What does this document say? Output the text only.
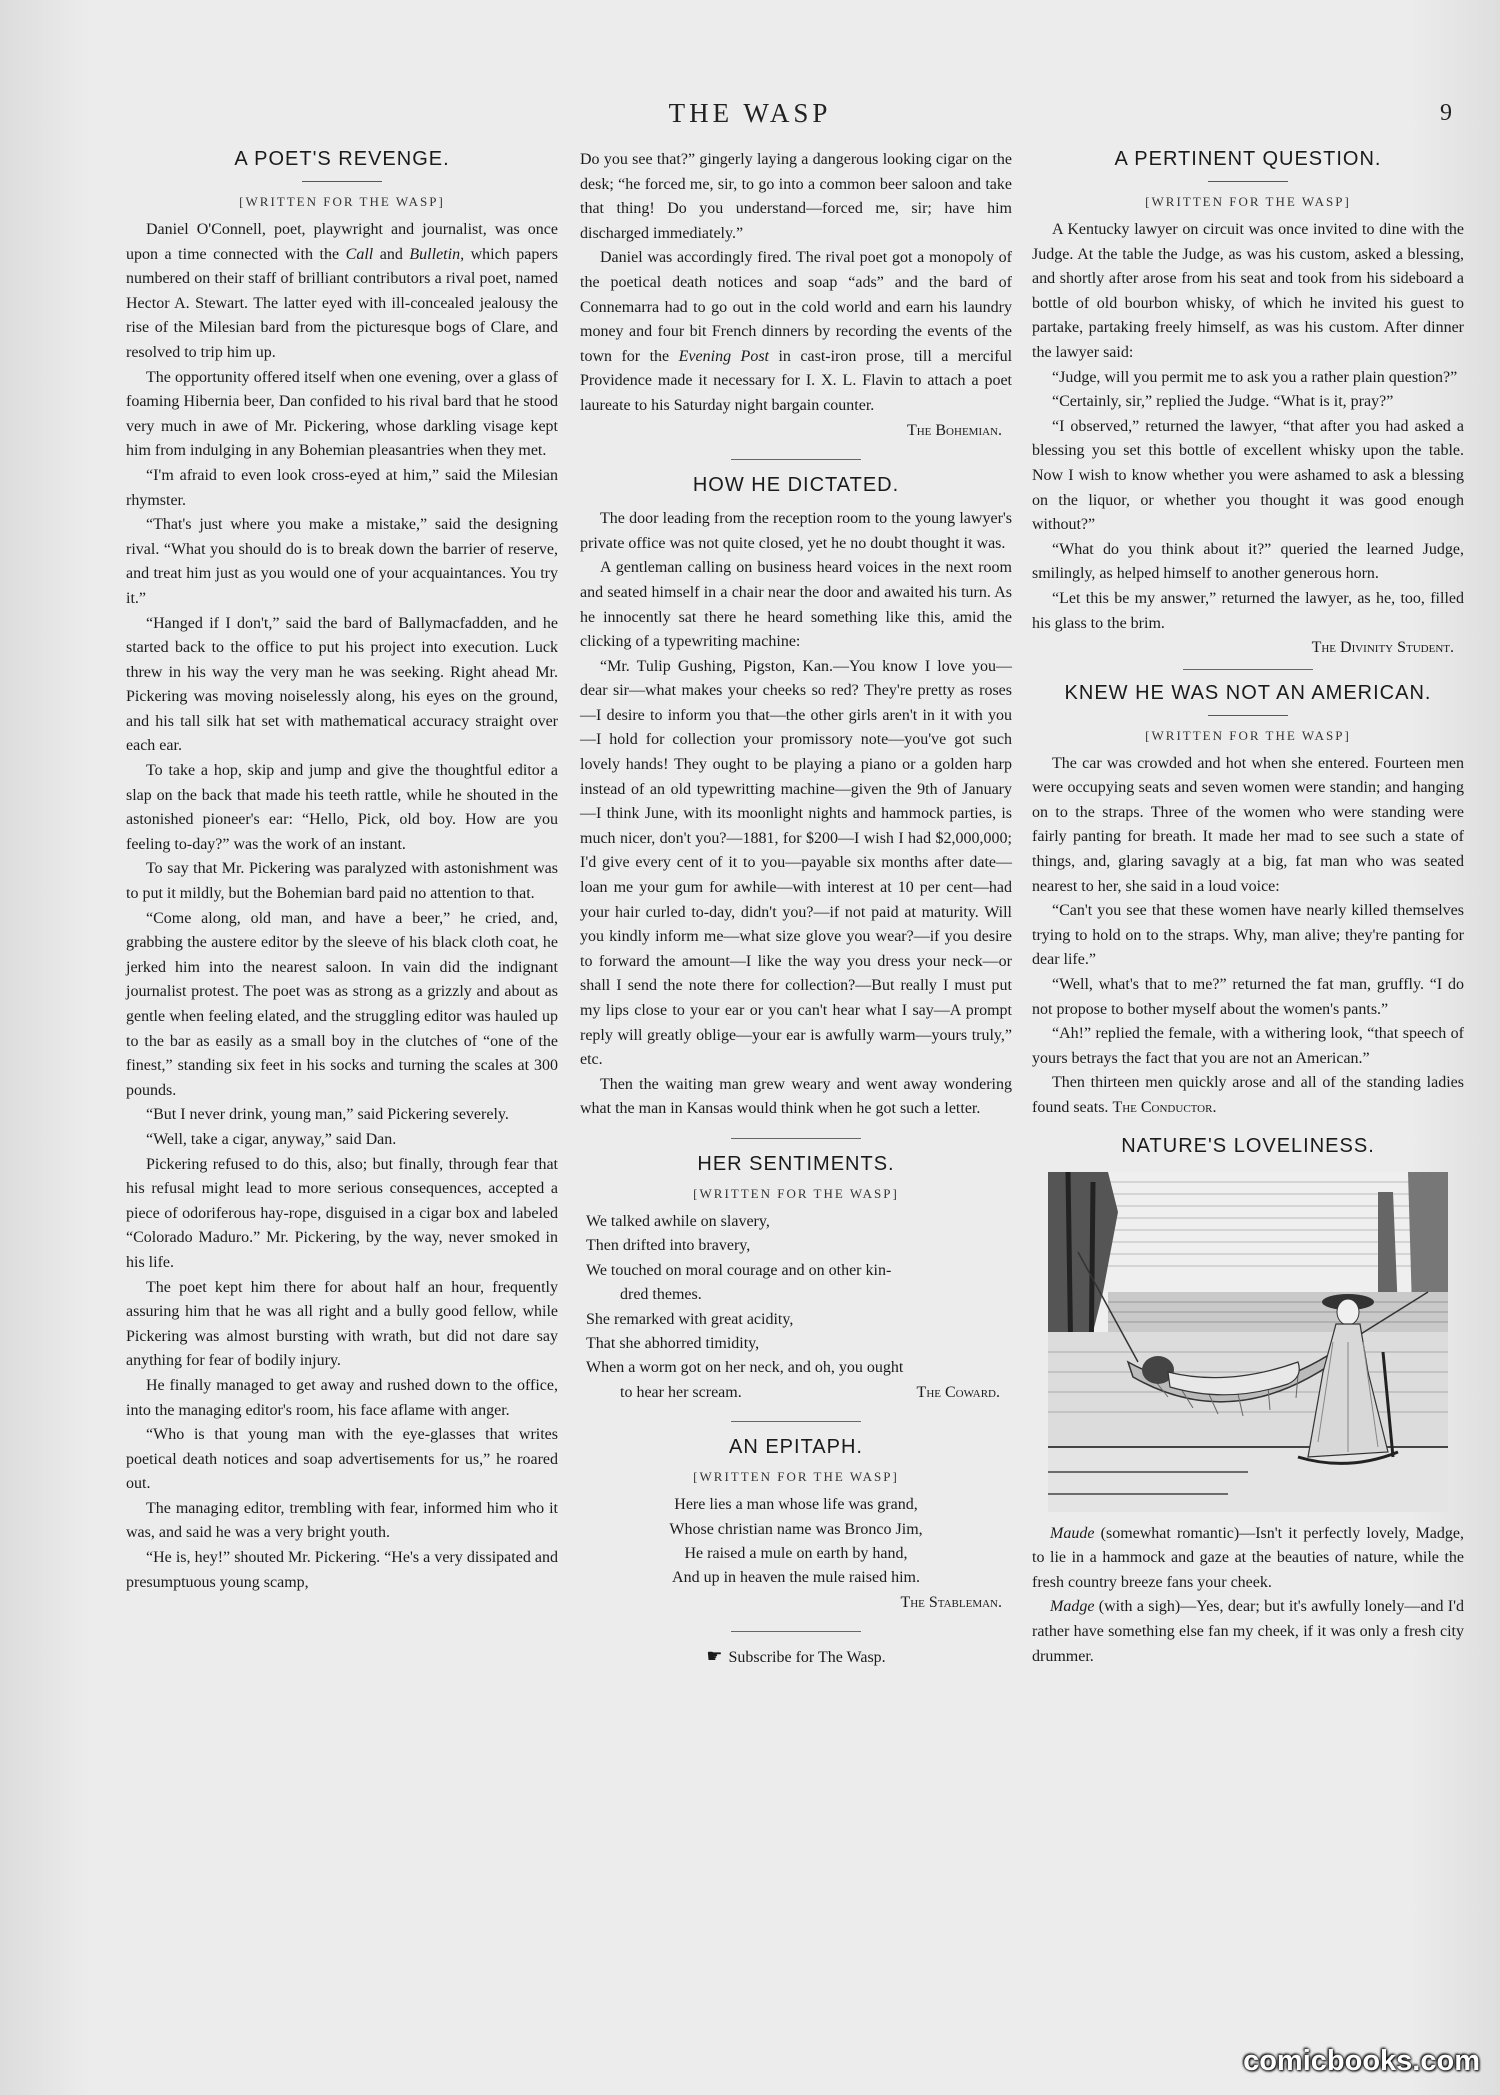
THE WASP	9
A POET'S REVENGE.
[WRITTEN FOR THE WASP]

Daniel O'Connell, poet, playwright and journalist, was once upon a time connected with the Call and Bulletin, which papers numbered on their staff of brilliant contributors a rival poet, named Hector A. Stewart. The latter eyed with ill-concealed jealousy the rise of the Milesian bard from the picturesque bogs of Clare, and resolved to trip him up.

The opportunity offered itself when one evening, over a glass of foaming Hibernia beer, Dan confided to his rival bard that he stood very much in awe of Mr. Pickering, whose darkling visage kept him from indulging in any Bohemian pleasantries when they met.

“I'm afraid to even look cross-eyed at him,” said the Milesian rhymster.

“That's just where you make a mistake,” said the designing rival. “What you should do is to break down the barrier of reserve, and treat him just as you would one of your acquaintances. You try it.”

“Hanged if I don't,” said the bard of Ballymacfadden, and he started back to the office to put his project into execution. Luck threw in his way the very man he was seeking. Right ahead Mr. Pickering was moving noiselessly along, his eyes on the ground, and his tall silk hat set with mathematical accuracy straight over each ear.

To take a hop, skip and jump and give the thoughtful editor a slap on the back that made his teeth rattle, while he shouted in the astonished pioneer's ear: “Hello, Pick, old boy. How are you feeling to-day?” was the work of an instant.

To say that Mr. Pickering was paralyzed with astonishment was to put it mildly, but the Bohemian bard paid no attention to that.

“Come along, old man, and have a beer,” he cried, and, grabbing the austere editor by the sleeve of his black cloth coat, he jerked him into the nearest saloon. In vain did the indignant journalist protest. The poet was as strong as a grizzly and about as gentle when feeling elated, and the struggling editor was hauled up to the bar as easily as a small boy in the clutches of “one of the finest,” standing six feet in his socks and turning the scales at 300 pounds.

“But I never drink, young man,” said Pickering severely.

“Well, take a cigar, anyway,” said Dan.

Pickering refused to do this, also; but finally, through fear that his refusal might lead to more serious consequences, accepted a piece of odoriferous hay-rope, disguised in a cigar box and labeled “Colorado Maduro.” Mr. Pickering, by the way, never smoked in his life.

The poet kept him there for about half an hour, frequently assuring him that he was all right and a bully good fellow, while Pickering was almost bursting with wrath, but did not dare say anything for fear of bodily injury.

He finally managed to get away and rushed down to the office, into the managing editor's room, his face aflame with anger.

“Who is that young man with the eye-glasses that writes poetical death notices and soap advertisements for us,” he roared out.

The managing editor, trembling with fear, informed him who it was, and said he was a very bright youth.

“He is, hey!” shouted Mr. Pickering. “He's a very dissipated and presumptuous young scamp,

Do you see that?” gingerly laying a dangerous looking cigar on the desk; “he forced me, sir, to go into a common beer saloon and take that thing! Do you understand—forced me, sir; have him discharged immediately.”

Daniel was accordingly fired. The rival poet got a monopoly of the poetical death notices and soap “ads” and the bard of Connemarra had to go out in the cold world and earn his laundry money and four bit French dinners by recording the events of the town for the Evening Post in cast-iron prose, till a merciful Providence made it necessary for I. X. L. Flavin to attach a poet laureate to his Saturday night bargain counter.

The Bohemian.
HOW HE DICTATED.

The door leading from the reception room to the young lawyer's private office was not quite closed, yet he no doubt thought it was.

A gentleman calling on business heard voices in the next room and seated himself in a chair near the door and awaited his turn. As he innocently sat there he heard something like this, amid the clicking of a typewriting machine:

“Mr. Tulip Gushing, Pigston, Kan.—You know I love you—dear sir—what makes your cheeks so red? They're pretty as roses—I desire to inform you that—the other girls aren't in it with you—I hold for collection your promissory note—you've got such lovely hands! They ought to be playing a piano or a golden harp instead of an old typewritting machine—given the 9th of January—I think June, with its moonlight nights and hammock parties, is much nicer, don't you?—1881, for $200—I wish I had $2,000,000; I'd give every cent of it to you—payable six months after date—loan me your gum for awhile—with interest at 10 per cent—had your hair curled to-day, didn't you?—if not paid at maturity. Will you kindly inform me—what size glove you wear?—if you desire to forward the amount—I like the way you dress your neck—or shall I send the note there for collection?—But really I must put my lips close to your ear or you can't hear what I say—A prompt reply will greatly oblige—your ear is awfully warm—yours truly,” etc.

Then the waiting man grew weary and went away wondering what the man in Kansas would think when he got such a letter.

HER SENTIMENTS.
[WRITTEN FOR THE WASP]
We talked awhile on slavery,
Then drifted into bravery,
We touched on moral courage and on other kin-
dred themes.
She remarked with great acidity,
That she abhorred timidity,
When a worm got on her neck, and oh, you ought
to hear her scream.	The Coward.
AN EPITAPH.
[WRITTEN FOR THE WASP]
Here lies a man whose life was grand,
Whose christian name was Bronco Jim,
He raised a mule on earth by hand,
And up in heaven the mule raised him.
The Stableman.
☛ Subscribe for The Wasp.
A PERTINENT QUESTION.
[WRITTEN FOR THE WASP]

A Kentucky lawyer on circuit was once invited to dine with the Judge. At the table the Judge, as was his custom, asked a blessing, and shortly after arose from his seat and took from his sideboard a bottle of old bourbon whisky, of which he invited his guest to partake, partaking freely himself, as was his custom. After dinner the lawyer said:

“Judge, will you permit me to ask you a rather plain question?”

“Certainly, sir,” replied the Judge. “What is it, pray?”

“I observed,” returned the lawyer, “that after you had asked a blessing you set this bottle of excellent whisky upon the table. Now I wish to know whether you were ashamed to ask a blessing on the liquor, or whether you thought it was good enough without?”

“What do you think about it?” queried the learned Judge, smilingly, as helped himself to another generous horn.

“Let this be my answer,” returned the lawyer, as he, too, filled his glass to the brim.

The Divinity Student.
KNEW HE WAS NOT AN AMERICAN.
[WRITTEN FOR THE WASP]

The car was crowded and hot when she entered. Fourteen men were occupying seats and seven women were standin; and hanging on to the straps. Three of the women who were standing were fairly panting for breath. It made her mad to see such a state of things, and, glaring savagly at a big, fat man who was seated nearest to her, she said in a loud voice:

“Can't you see that these women have nearly killed themselves trying to hold on to the straps. Why, man alive; they're panting for dear life.”

“Well, what's that to me?” returned the fat man, gruffly. “I do not propose to bother myself about the women's pants.”

“Ah!” replied the female, with a withering look, “that speech of yours betrays the fact that you are not an American.”

Then thirteen men quickly arose and all of the standing ladies found seats. The Conductor.

NATURE'S LOVELINESS.

Maude (somewhat romantic)—Isn't it perfectly lovely, Madge, to lie in a hammock and gaze at the beauties of nature, while the fresh country breeze fans your cheek.

Madge (with a sigh)—Yes, dear; but it's awfully lonely—and I'd rather have something else fan my cheek, if it was only a fresh city drummer.

comicbooks.com
